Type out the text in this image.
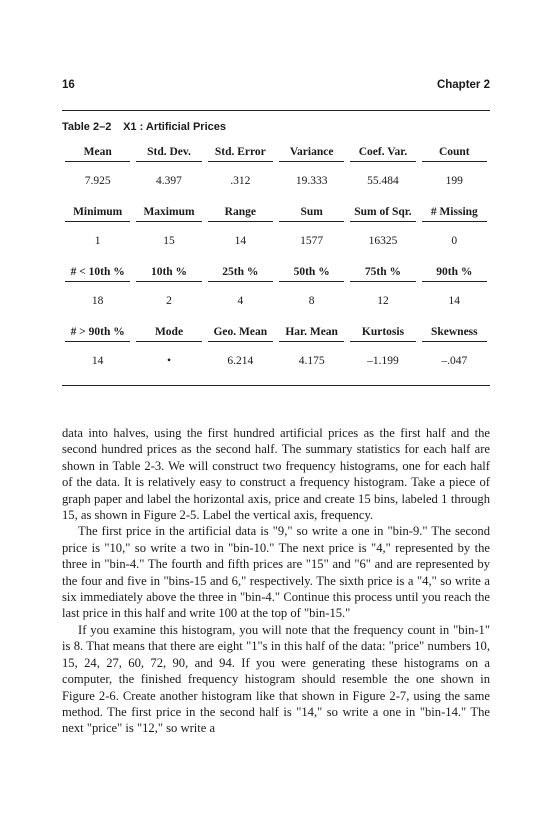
16	Chapter 2
Table 2–2 X1 : Artificial Prices
Mean	Std. Dev.	Std. Error	Variance	Coef. Var.	Count
7.925	4.397	.312	19.333	55.484	199
Minimum	Maximum	Range	Sum	Sum of Sqr.	# Missing
1	15	14	1577	16325	0
# < 10th %	10th %	25th %	50th %	75th %	90th %
18	2	4	8	12	14
# > 90th %	Mode	Geo. Mean	Har. Mean	Kurtosis	Skewness
14	•	6.214	4.175	–1.199	–.047

data into halves, using the first hundred artificial prices as the first half and the second hundred prices as the second half. The summary statistics for each half are shown in Table 2-3. We will construct two frequency histograms, one for each half of the data. It is relatively easy to construct a frequency histogram. Take a piece of graph paper and label the horizontal axis, price and create 15 bins, labeled 1 through 15, as shown in Figure 2-5. Label the vertical axis, frequency.

The first price in the artificial data is "9," so write a one in "bin-9." The second price is "10," so write a two in "bin-10." The next price is "4," represented by the three in "bin-4." The fourth and fifth prices are "15" and "6" and are represented by the four and five in "bins-15 and 6," respectively. The sixth price is a "4," so write a six immediately above the three in "bin-4." Continue this process until you reach the last price in this half and write 100 at the top of "bin-15."

If you examine this histogram, you will note that the frequency count in "bin-1" is 8. That means that there are eight "1"s in this half of the data: "price" numbers 10, 15, 24, 27, 60, 72, 90, and 94. If you were generating these histograms on a computer, the finished frequency histogram should resemble the one shown in Figure 2-6. Create another histogram like that shown in Figure 2-7, using the same method. The first price in the second half is "14," so write a one in "bin-14." The next "price" is "12," so write a
